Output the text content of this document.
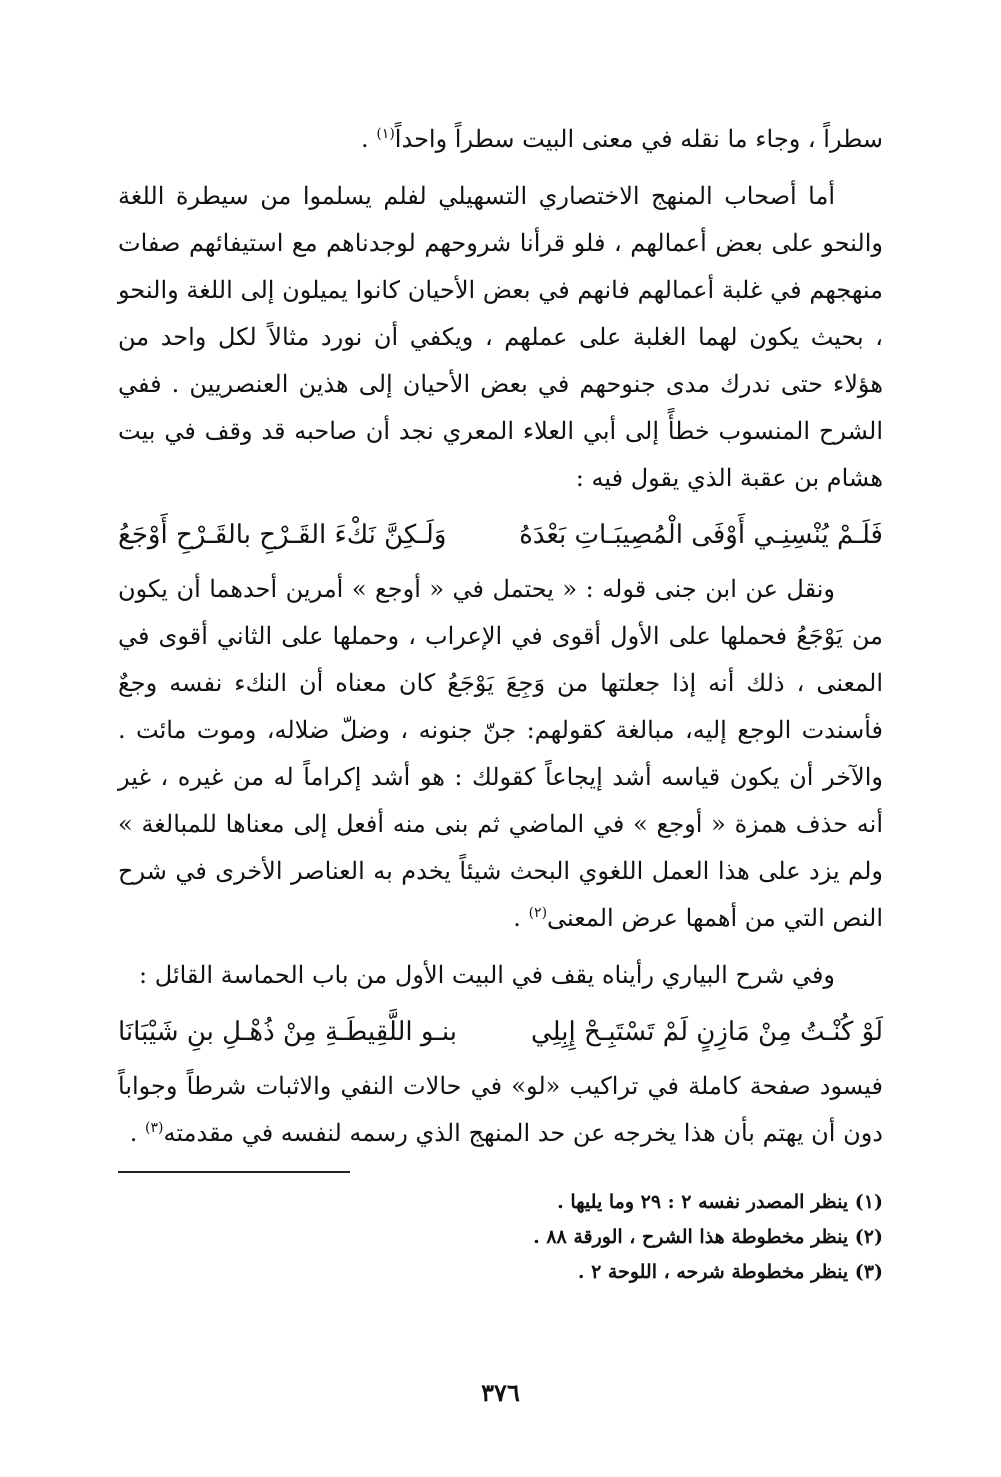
سطراً ، وجاء ما نقله في معنى البيت سطراً واحداً$^{(١)}$ .

أما أصحاب المنهج الاختصاري التسهيلي لفلم يسلموا من سيطرة اللغة والنحو على بعض أعمالهم ، فلو قرأنا شروحهم لوجدناهم مع استيفائهم صفات منهجهم في غلبة أعمالهم فانهم في بعض الأحيان كانوا يميلون إلى اللغة والنحو ، بحيث يكون لهما الغلبة على عملهم ، ويكفي أن نورد مثالاً لكل واحد من هؤلاء حتى ندرك مدى جنوحهم في بعض الأحيان إلى هذين العنصريين . ففي الشرح المنسوب خطأً إلى أبي العلاء المعري نجد أن صاحبه قد وقف في بيت هشام بن عقبة الذي يقول فيه :

فَلَـمْ يُنْسِنِـي أَوْفَى الْمُصِيبَـاتِ بَعْدَهُ
وَلَـكِنَّ نَكْءَ القَـرْحِ بالقَـرْحِ أَوْجَعُ

ونقل عن ابن جنى قوله : « يحتمل في « أوجع » أمرين أحدهما أن يكون من يَوْجَعُ فحملها على الأول أقوى في الإعراب ، وحملها على الثاني أقوى في المعنى ، ذلك أنه إذا جعلتها من وَجِعَ يَوْجَعُ كان معناه أن النكء نفسه وجعٌ فأسندت الوجع إليه، مبالغة كقولهم: جنّ جنونه ، وضلّ ضلاله، وموت مائت . والآخر أن يكون قياسه أشد إيجاعاً كقولك : هو أشد إكراماً له من غيره ، غير أنه حذف همزة « أوجع » في الماضي ثم بنى منه أفعل إلى معناها للمبالغة » ولم يزد على هذا العمل اللغوي البحث شيئاً يخدم به العناصر الأخرى في شرح النص التي من أهمها عرض المعنى$^{(٢)}$ .

وفي شرح البياري رأيناه يقف في البيت الأول من باب الحماسة القائل :

لَوْ كُنْـتُ مِنْ مَازِنٍ لَمْ تَسْتَبِـحْ إِبِلِي
بنـو اللَّقِيطَـةِ مِنْ ذُهْـلِ بنِ شَيْبَانَا

فيسود صفحة كاملة في تراكيب «لو» في حالات النفي والاثبات شرطاً وجواباً دون أن يهتم بأن هذا يخرجه عن حد المنهج الذي رسمه لنفسه في مقدمته$^{(٣)}$ .

(١) ينظر المصدر نفسه ٢ : ٢٩ وما يليها .

(٢) ينظر مخطوطة هذا الشرح ، الورقة ٨٨ .

(٣) ينظر مخطوطة شرحه ، اللوحة ٢ .

٣٧٦
